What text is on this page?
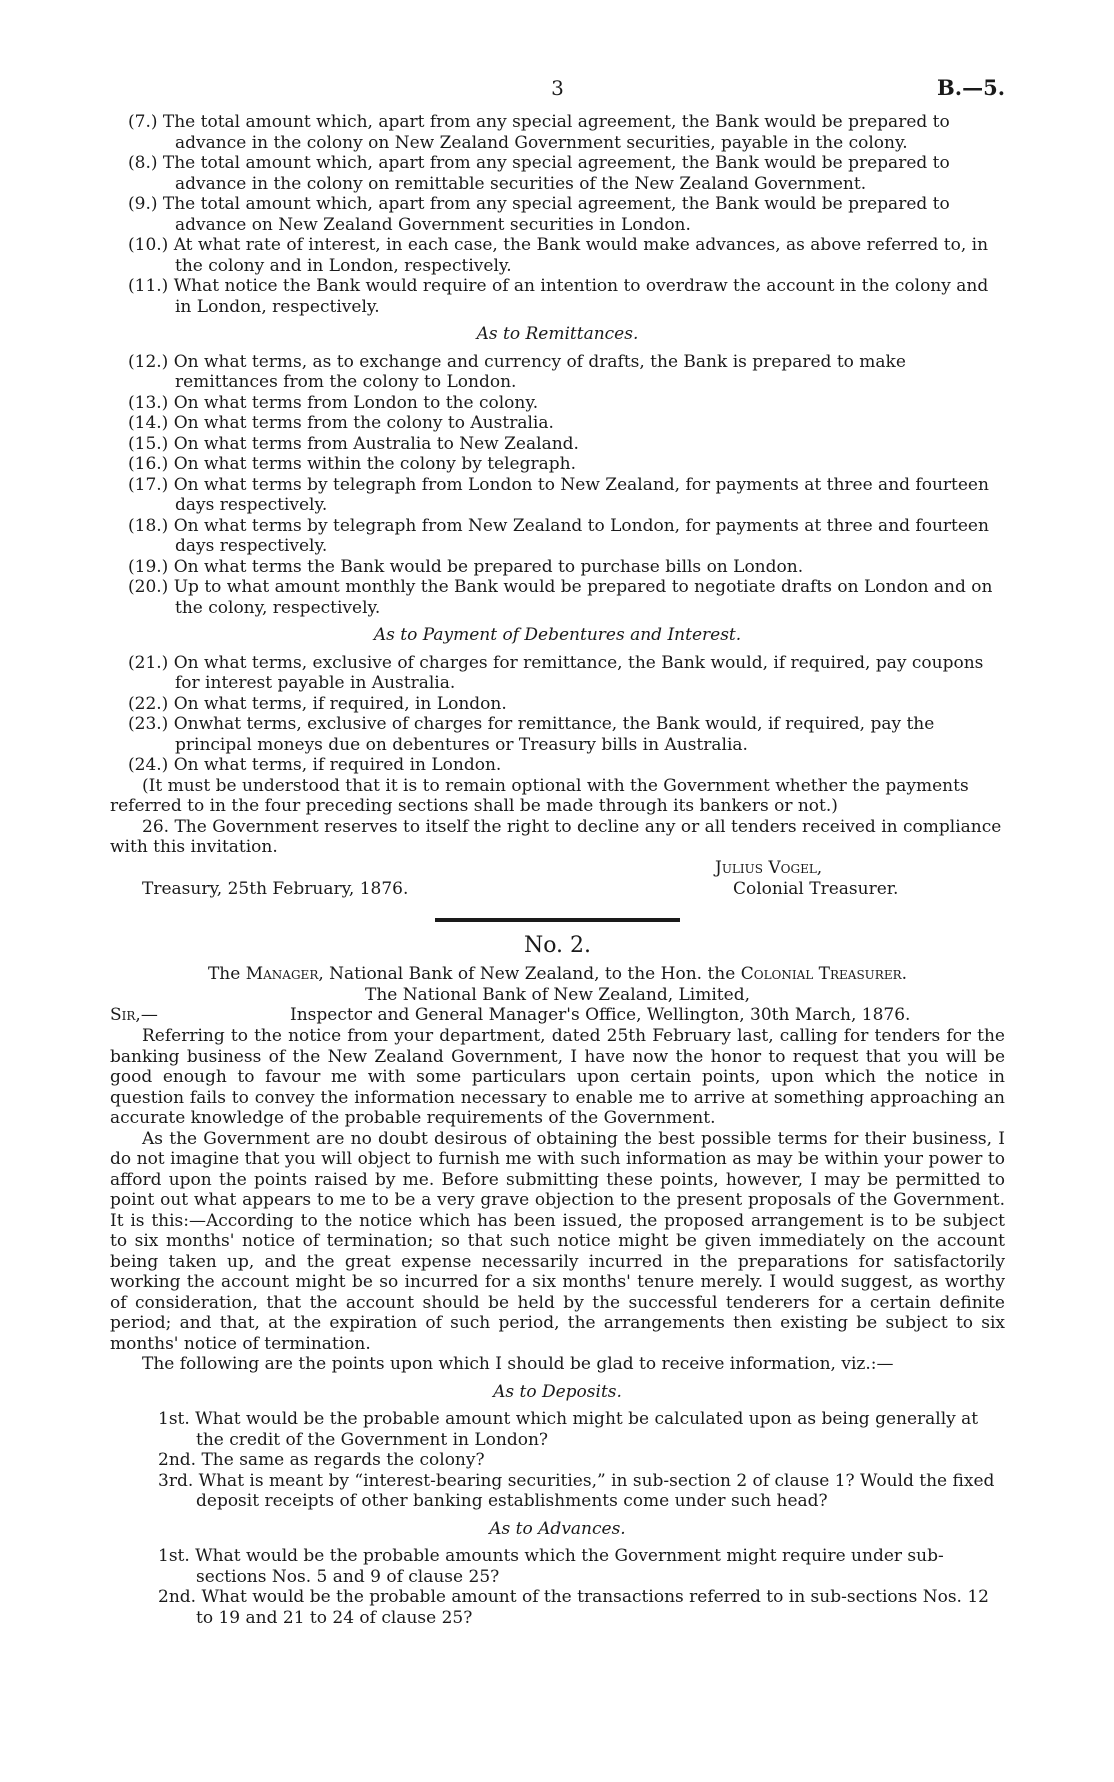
3	B.—5.
(7.) The total amount which, apart from any special agreement, the Bank would be prepared to advance in the colony on New Zealand Government securities, payable in the colony.
(8.) The total amount which, apart from any special agreement, the Bank would be prepared to advance in the colony on remittable securities of the New Zealand Government.
(9.) The total amount which, apart from any special agreement, the Bank would be prepared to advance on New Zealand Government securities in London.
(10.) At what rate of interest, in each case, the Bank would make advances, as above referred to, in the colony and in London, respectively.
(11.) What notice the Bank would require of an intention to overdraw the account in the colony and in London, respectively.
As to Remittances.
(12.) On what terms, as to exchange and currency of drafts, the Bank is prepared to make remittances from the colony to London.
(13.) On what terms from London to the colony.
(14.) On what terms from the colony to Australia.
(15.) On what terms from Australia to New Zealand.
(16.) On what terms within the colony by telegraph.
(17.) On what terms by telegraph from London to New Zealand, for payments at three and fourteen days respectively.
(18.) On what terms by telegraph from New Zealand to London, for payments at three and fourteen days respectively.
(19.) On what terms the Bank would be prepared to purchase bills on London.
(20.) Up to what amount monthly the Bank would be prepared to negotiate drafts on London and on the colony, respectively.
As to Payment of Debentures and Interest.
(21.) On what terms, exclusive of charges for remittance, the Bank would, if required, pay coupons for interest payable in Australia.
(22.) On what terms, if required, in London.
(23.) Onwhat terms, exclusive of charges for remittance, the Bank would, if required, pay the principal moneys due on debentures or Treasury bills in Australia.
(24.) On what terms, if required in London.
(It must be understood that it is to remain optional with the Government whether the payments referred to in the four preceding sections shall be made through its bankers or not.)
26. The Government reserves to itself the right to decline any or all tenders received in compliance with this invitation.
Julius Vogel,
Treasury, 25th February, 1876.	Colonial Treasurer.
No. 2.
The Manager, National Bank of New Zealand, to the Hon. the Colonial Treasurer.
The National Bank of New Zealand, Limited,
Sir,—	Inspector and General Manager's Office, Wellington, 30th March, 1876.
Referring to the notice from your department, dated 25th February last, calling for tenders for the banking business of the New Zealand Government, I have now the honor to request that you will be good enough to favour me with some particulars upon certain points, upon which the notice in question fails to convey the information necessary to enable me to arrive at something approaching an accurate knowledge of the probable requirements of the Government.
As the Government are no doubt desirous of obtaining the best possible terms for their business, I do not imagine that you will object to furnish me with such information as may be within your power to afford upon the points raised by me. Before submitting these points, however, I may be permitted to point out what appears to me to be a very grave objection to the present proposals of the Government. It is this:—According to the notice which has been issued, the proposed arrangement is to be subject to six months' notice of termination; so that such notice might be given immediately on the account being taken up, and the great expense necessarily incurred in the preparations for satisfactorily working the account might be so incurred for a six months' tenure merely. I would suggest, as worthy of consideration, that the account should be held by the successful tenderers for a certain definite period; and that, at the expiration of such period, the arrangements then existing be subject to six months' notice of termination.
The following are the points upon which I should be glad to receive information, viz.:—
As to Deposits.
1st. What would be the probable amount which might be calculated upon as being generally at the credit of the Government in London?
2nd. The same as regards the colony?
3rd. What is meant by “interest-bearing securities,” in sub-section 2 of clause 1? Would the fixed deposit receipts of other banking establishments come under such head?
As to Advances.
1st. What would be the probable amounts which the Government might require under sub-sections Nos. 5 and 9 of clause 25?
2nd. What would be the probable amount of the transactions referred to in sub-sections Nos. 12 to 19 and 21 to 24 of clause 25?
